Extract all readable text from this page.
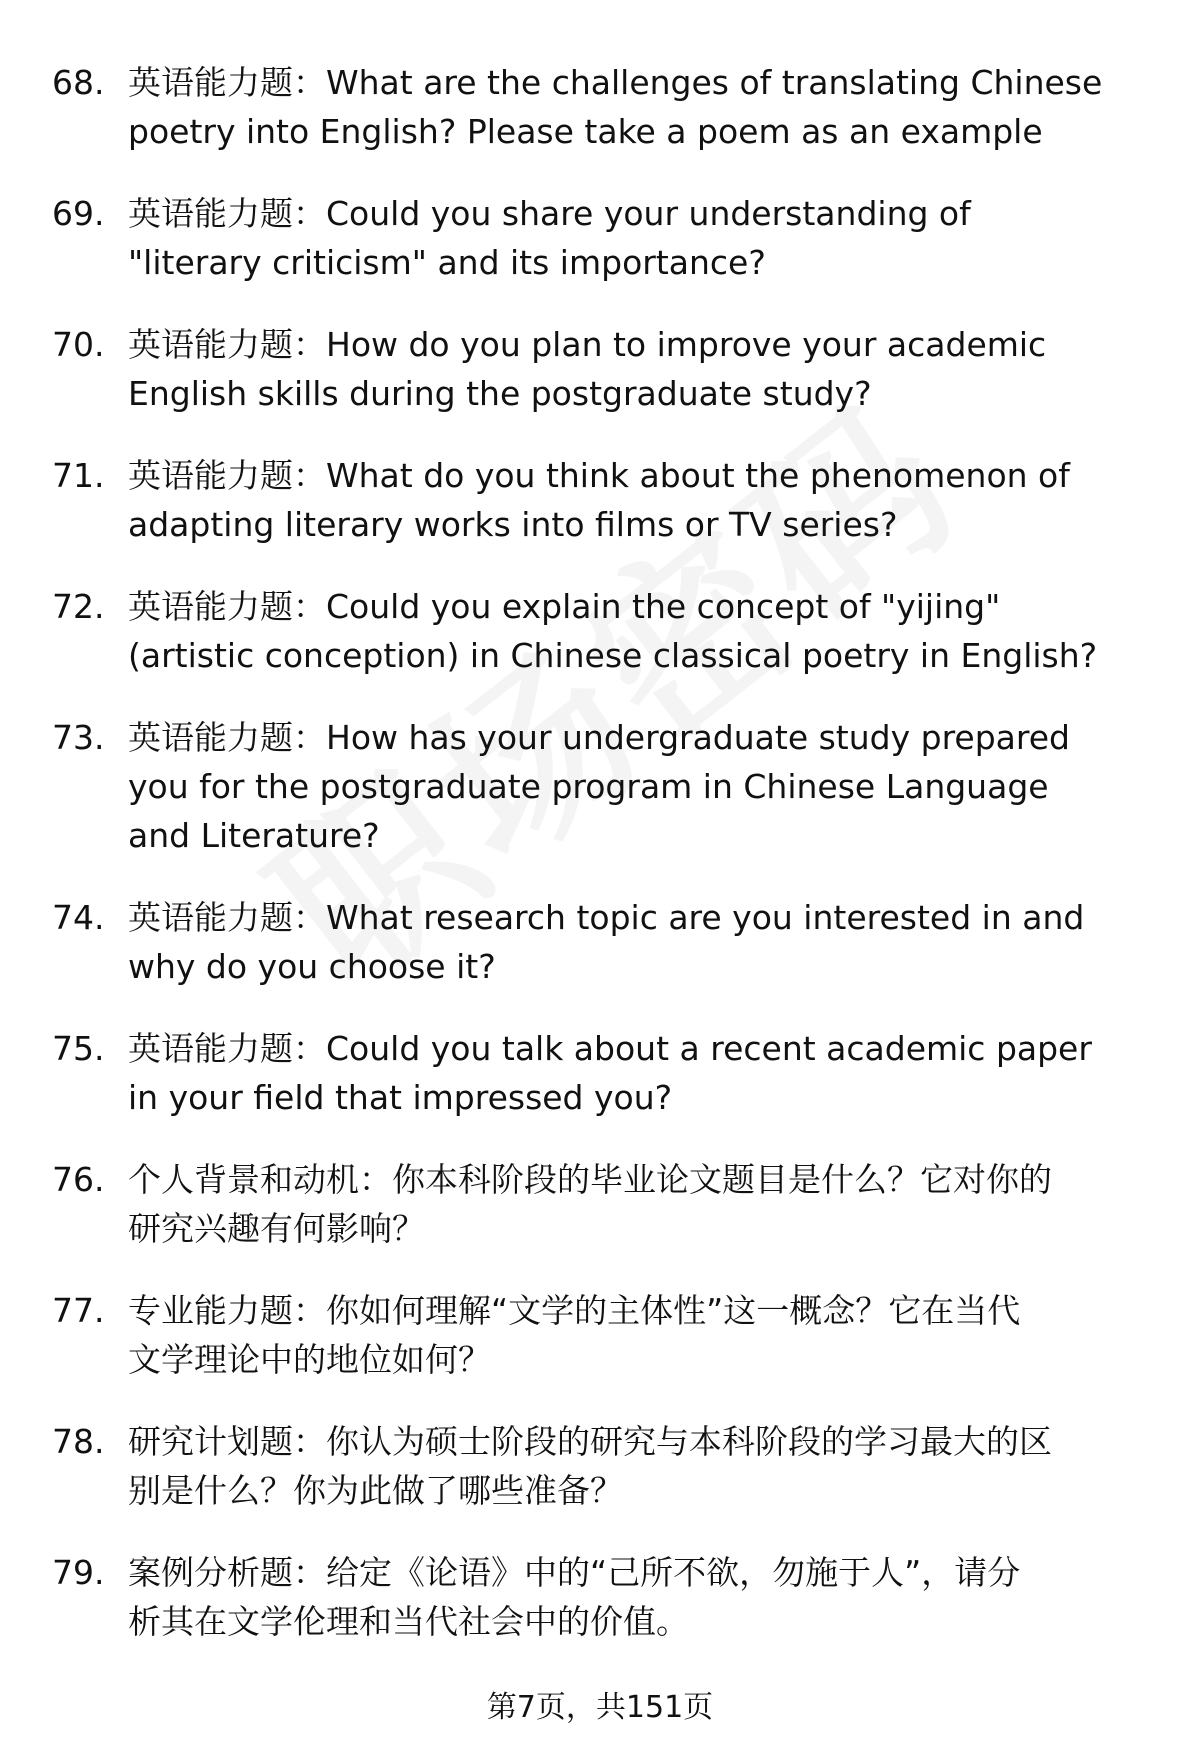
68. 英语能力题：What are the challenges of translating Chinese
poetry into English? Please take a poem as an example
69. 英语能力题：Could you share your understanding of
"literary criticism" and its importance?
70. 英语能力题：How do you plan to improve your academic
English skills during the postgraduate study?
71. 英语能力题：What do you think about the phenomenon of
adapting literary works into films or TV series?
72. 英语能力题：Could you explain the concept of "yijing"
(artistic conception) in Chinese classical poetry in English?
73. 英语能力题：How has your undergraduate study prepared
you for the postgraduate program in Chinese Language
and Literature?
74. 英语能力题：What research topic are you interested in and
why do you choose it?
75. 英语能力题：Could you talk about a recent academic paper
in your field that impressed you?
76. 个人背景和动机：你本科阶段的毕业论文题目是什么？它对你的
研究兴趣有何影响？
77. 专业能力题：你如何理解“文学的主体性”这一概念？它在当代
文学理论中的地位如何？
78. 研究计划题：你认为硕士阶段的研究与本科阶段的学习最大的区
别是什么？你为此做了哪些准备？
79. 案例分析题：给定《论语》中的“己所不欲，勿施于人”，请分
析其在文学伦理和当代社会中的价值。
第7页，共151页
